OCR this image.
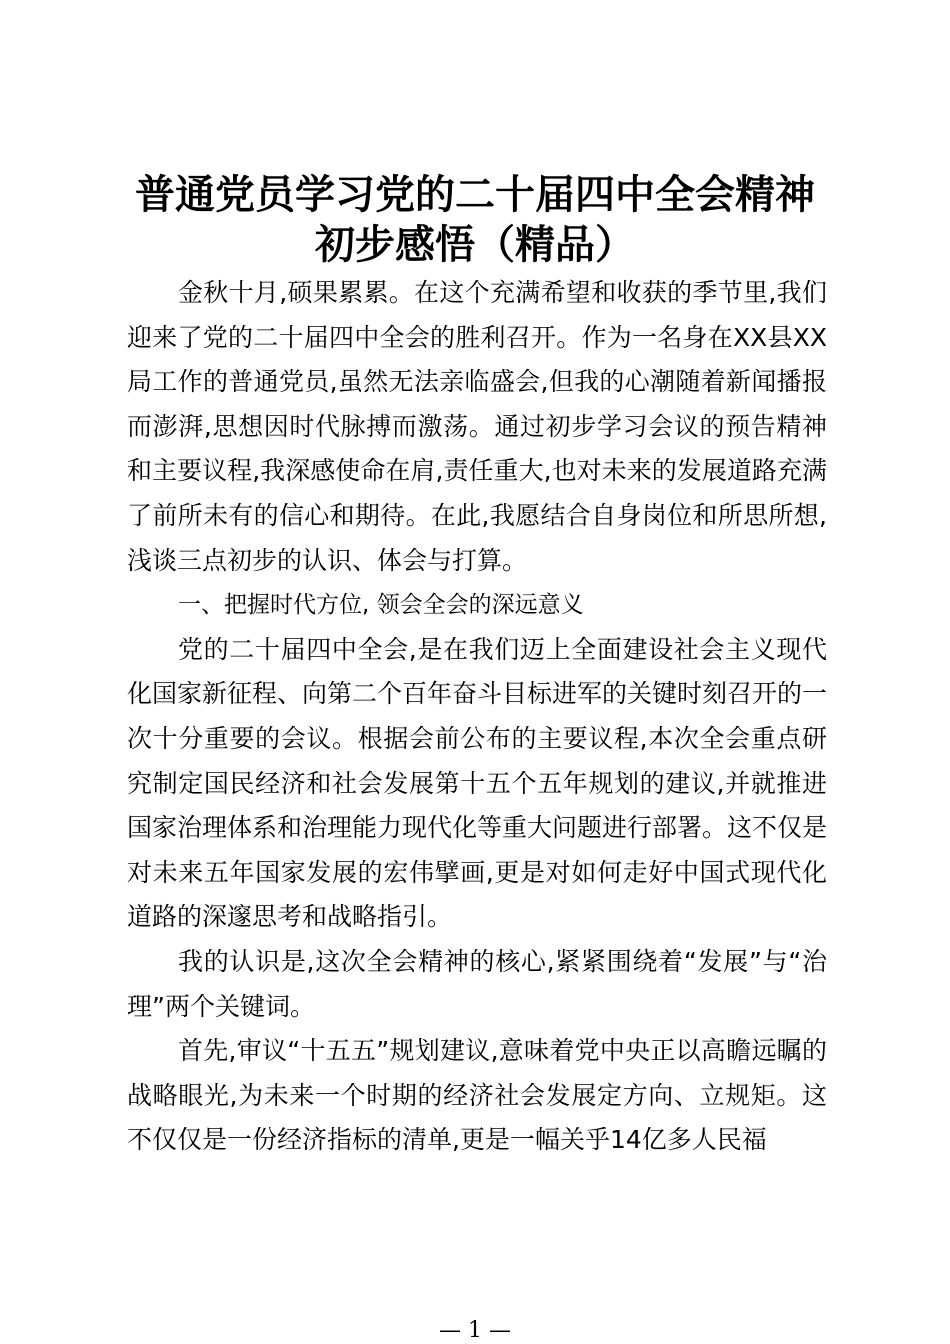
普通党员学习党的二十届四中全会精神
初步感悟（精品）

金秋十月,硕果累累。在这个充满希望和收获的季节里,我们迎来了党的二十届四中全会的胜利召开。作为一名身在XX县XX局工作的普通党员,虽然无法亲临盛会,但我的心潮随着新闻播报而澎湃,思想因时代脉搏而激荡。通过初步学习会议的预告精神和主要议程,我深感使命在肩,责任重大,也对未来的发展道路充满了前所未有的信心和期待。在此,我愿结合自身岗位和所思所想,浅谈三点初步的认识、体会与打算。

一、把握时代方位, 领会全会的深远意义

党的二十届四中全会,是在我们迈上全面建设社会主义现代化国家新征程、向第二个百年奋斗目标进军的关键时刻召开的一次十分重要的会议。根据会前公布的主要议程,本次全会重点研究制定国民经济和社会发展第十五个五年规划的建议,并就推进国家治理体系和治理能力现代化等重大问题进行部署。这不仅是对未来五年国家发展的宏伟擘画,更是对如何走好中国式现代化道路的深邃思考和战略指引。

我的认识是,这次全会精神的核心,紧紧围绕着“发展”与“治理”两个关键词。

首先,审议“十五五”规划建议,意味着党中央正以高瞻远瞩的战略眼光,为未来一个时期的经济社会发展定方向、立规矩。这不仅仅是一份经济指标的清单,更是一幅关乎14亿多人民福

— 1 —
